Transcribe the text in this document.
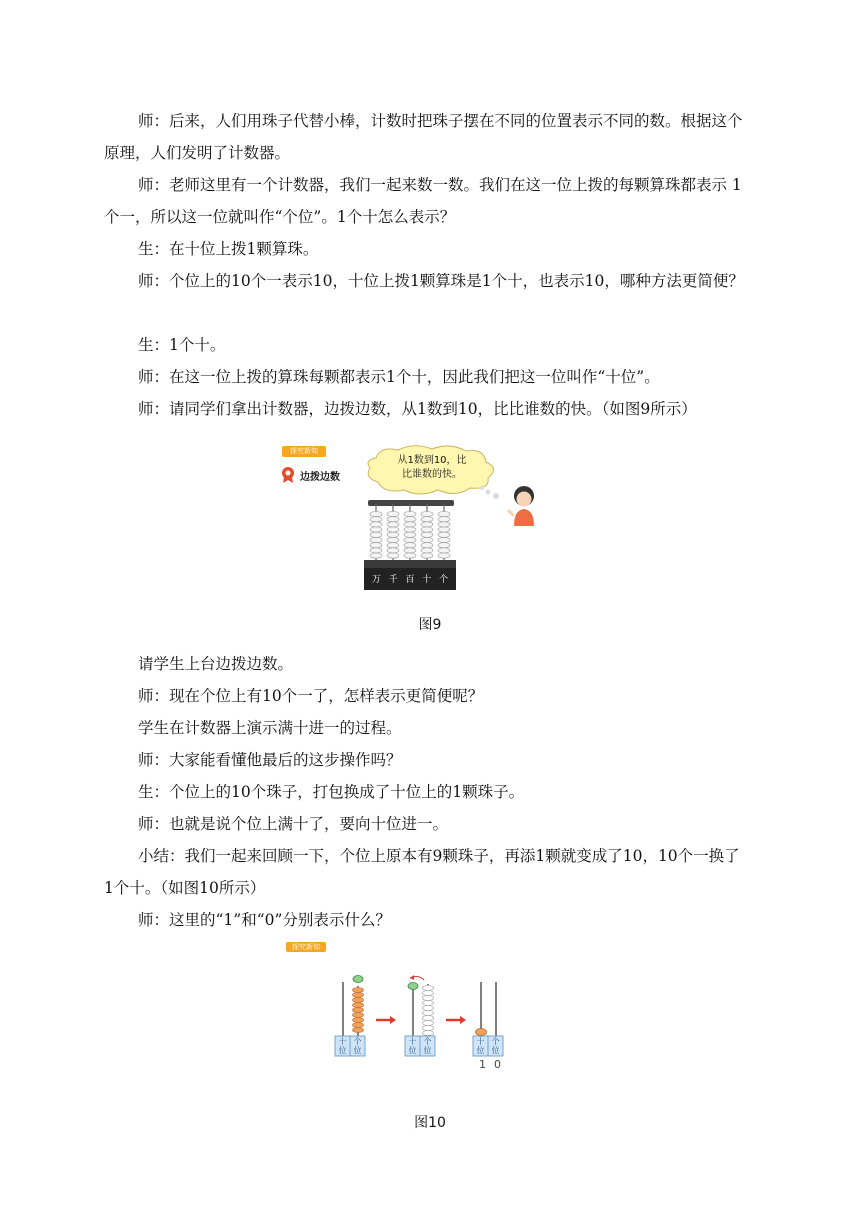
师：后来，人们用珠子代替小棒，计数时把珠子摆在不同的位置表示不同的数。根据这个原理，人们发明了计数器。

师：老师这里有一个计数器，我们一起来数一数。我们在这一位上拨的每颗算珠都表示 1 个一，所以这一位就叫作“个位”。1个十怎么表示？

生：在十位上拨1颗算珠。

师：个位上的10个一表示10，十位上拨1颗算珠是1个十，也表示10，哪种方法更简便？

生：1个十。

师：在这一位上拨的算珠每颗都表示1个十，因此我们把这一位叫作“十位”。

师：请同学们拿出计数器，边拨边数，从1数到10，比比谁数的快。（如图9所示）

探究新知
边拨边数
从1数到10，比
比谁数的快。
万 千 百 十 个
图9

请学生上台边拨边数。

师：现在个位上有10个一了，怎样表示更简便呢？

学生在计数器上演示满十进一的过程。

师：大家能看懂他最后的这步操作吗？

生：个位上的10个珠子，打包换成了十位上的1颗珠子。

师：也就是说个位上满十了，要向十位进一。

小结：我们一起来回顾一下，个位上原本有9颗珠子，再添1颗就变成了10，10个一换了1个十。（如图10所示）

师：这里的“1”和“0”分别表示什么？

探究新知
十
位
个
位
十
位
个
位
十
位
个
位
1 0
图10
